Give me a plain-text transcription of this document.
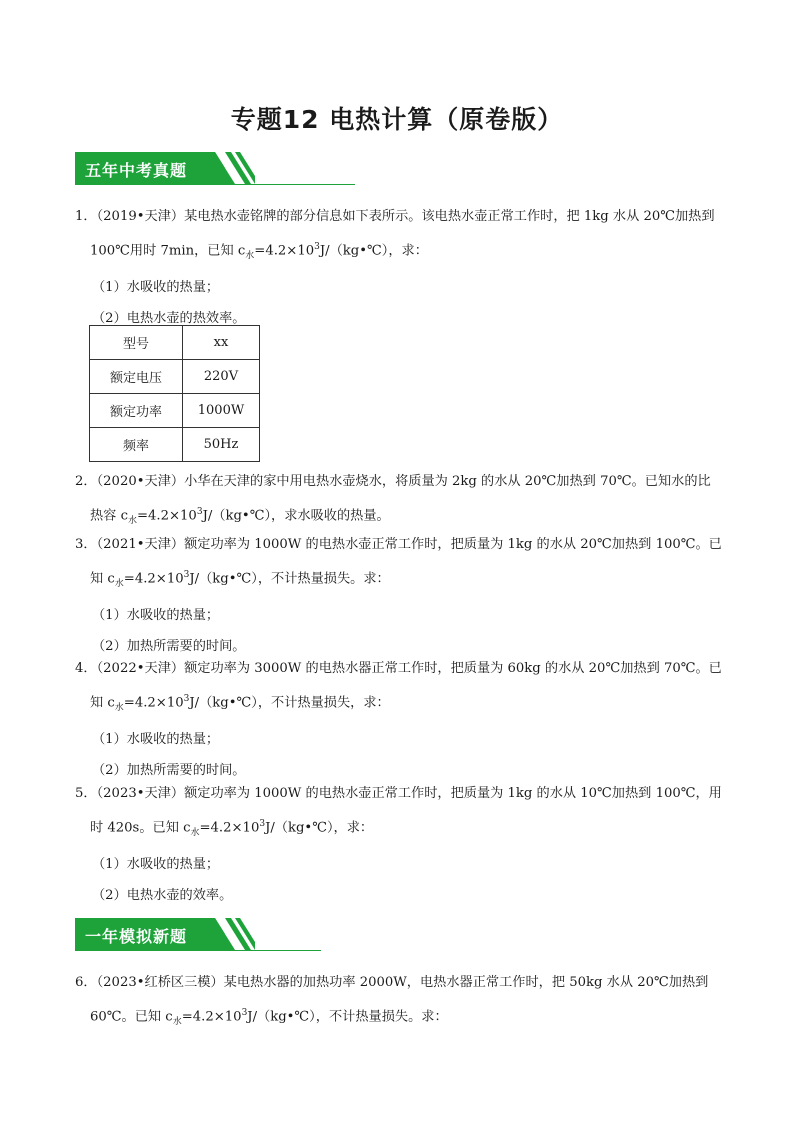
专题12 电热计算（原卷版）
五年中考真题

1．（2019•天津）某电热水壶铭牌的部分信息如下表所示。该电热水壶正常工作时，把 1kg 水从 20℃加热到

100℃用时 7min，已知 $c_水=4.2\times 10^3J/(kg•℃)$，求：

（1）水吸收的热量；

（2）电热水壶的热效率。

型号	xx
额定电压	220V
额定功率	1000W
频率	50Hz

2．（2020•天津）小华在天津的家中用电热水壶烧水，将质量为 2kg 的水从 20℃加热到 70℃。已知水的比

热容 $c_水=4.2\times 10^3J/(kg•℃)$，求水吸收的热量。

3．（2021•天津）额定功率为 1000W 的电热水壶正常工作时，把质量为 1kg 的水从 20℃加热到 100℃。已

知 $c_水=4.2\times 10^3J/(kg•℃)$，不计热量损失。求：

（1）水吸收的热量；

（2）加热所需要的时间。

4．（2022•天津）额定功率为 3000W 的电热水器正常工作时，把质量为 60kg 的水从 20℃加热到 70℃。已

知 $c_水=4.2\times 10^3J/(kg•℃)$，不计热量损失，求：

（1）水吸收的热量；

（2）加热所需要的时间。

5．（2023•天津）额定功率为 1000W 的电热水壶正常工作时，把质量为 1kg 的水从 10℃加热到 100℃，用

时 420s。已知 $c_水=4.2\times 10^3J/(kg•℃)$，求：

（1）水吸收的热量；

（2）电热水壶的效率。

一年模拟新题

6．（2023•红桥区三模）某电热水器的加热功率 2000W，电热水器正常工作时，把 50kg 水从 20℃加热到

60℃。已知 $c_水=4.2\times 10^3J/(kg•℃)$，不计热量损失。求：
